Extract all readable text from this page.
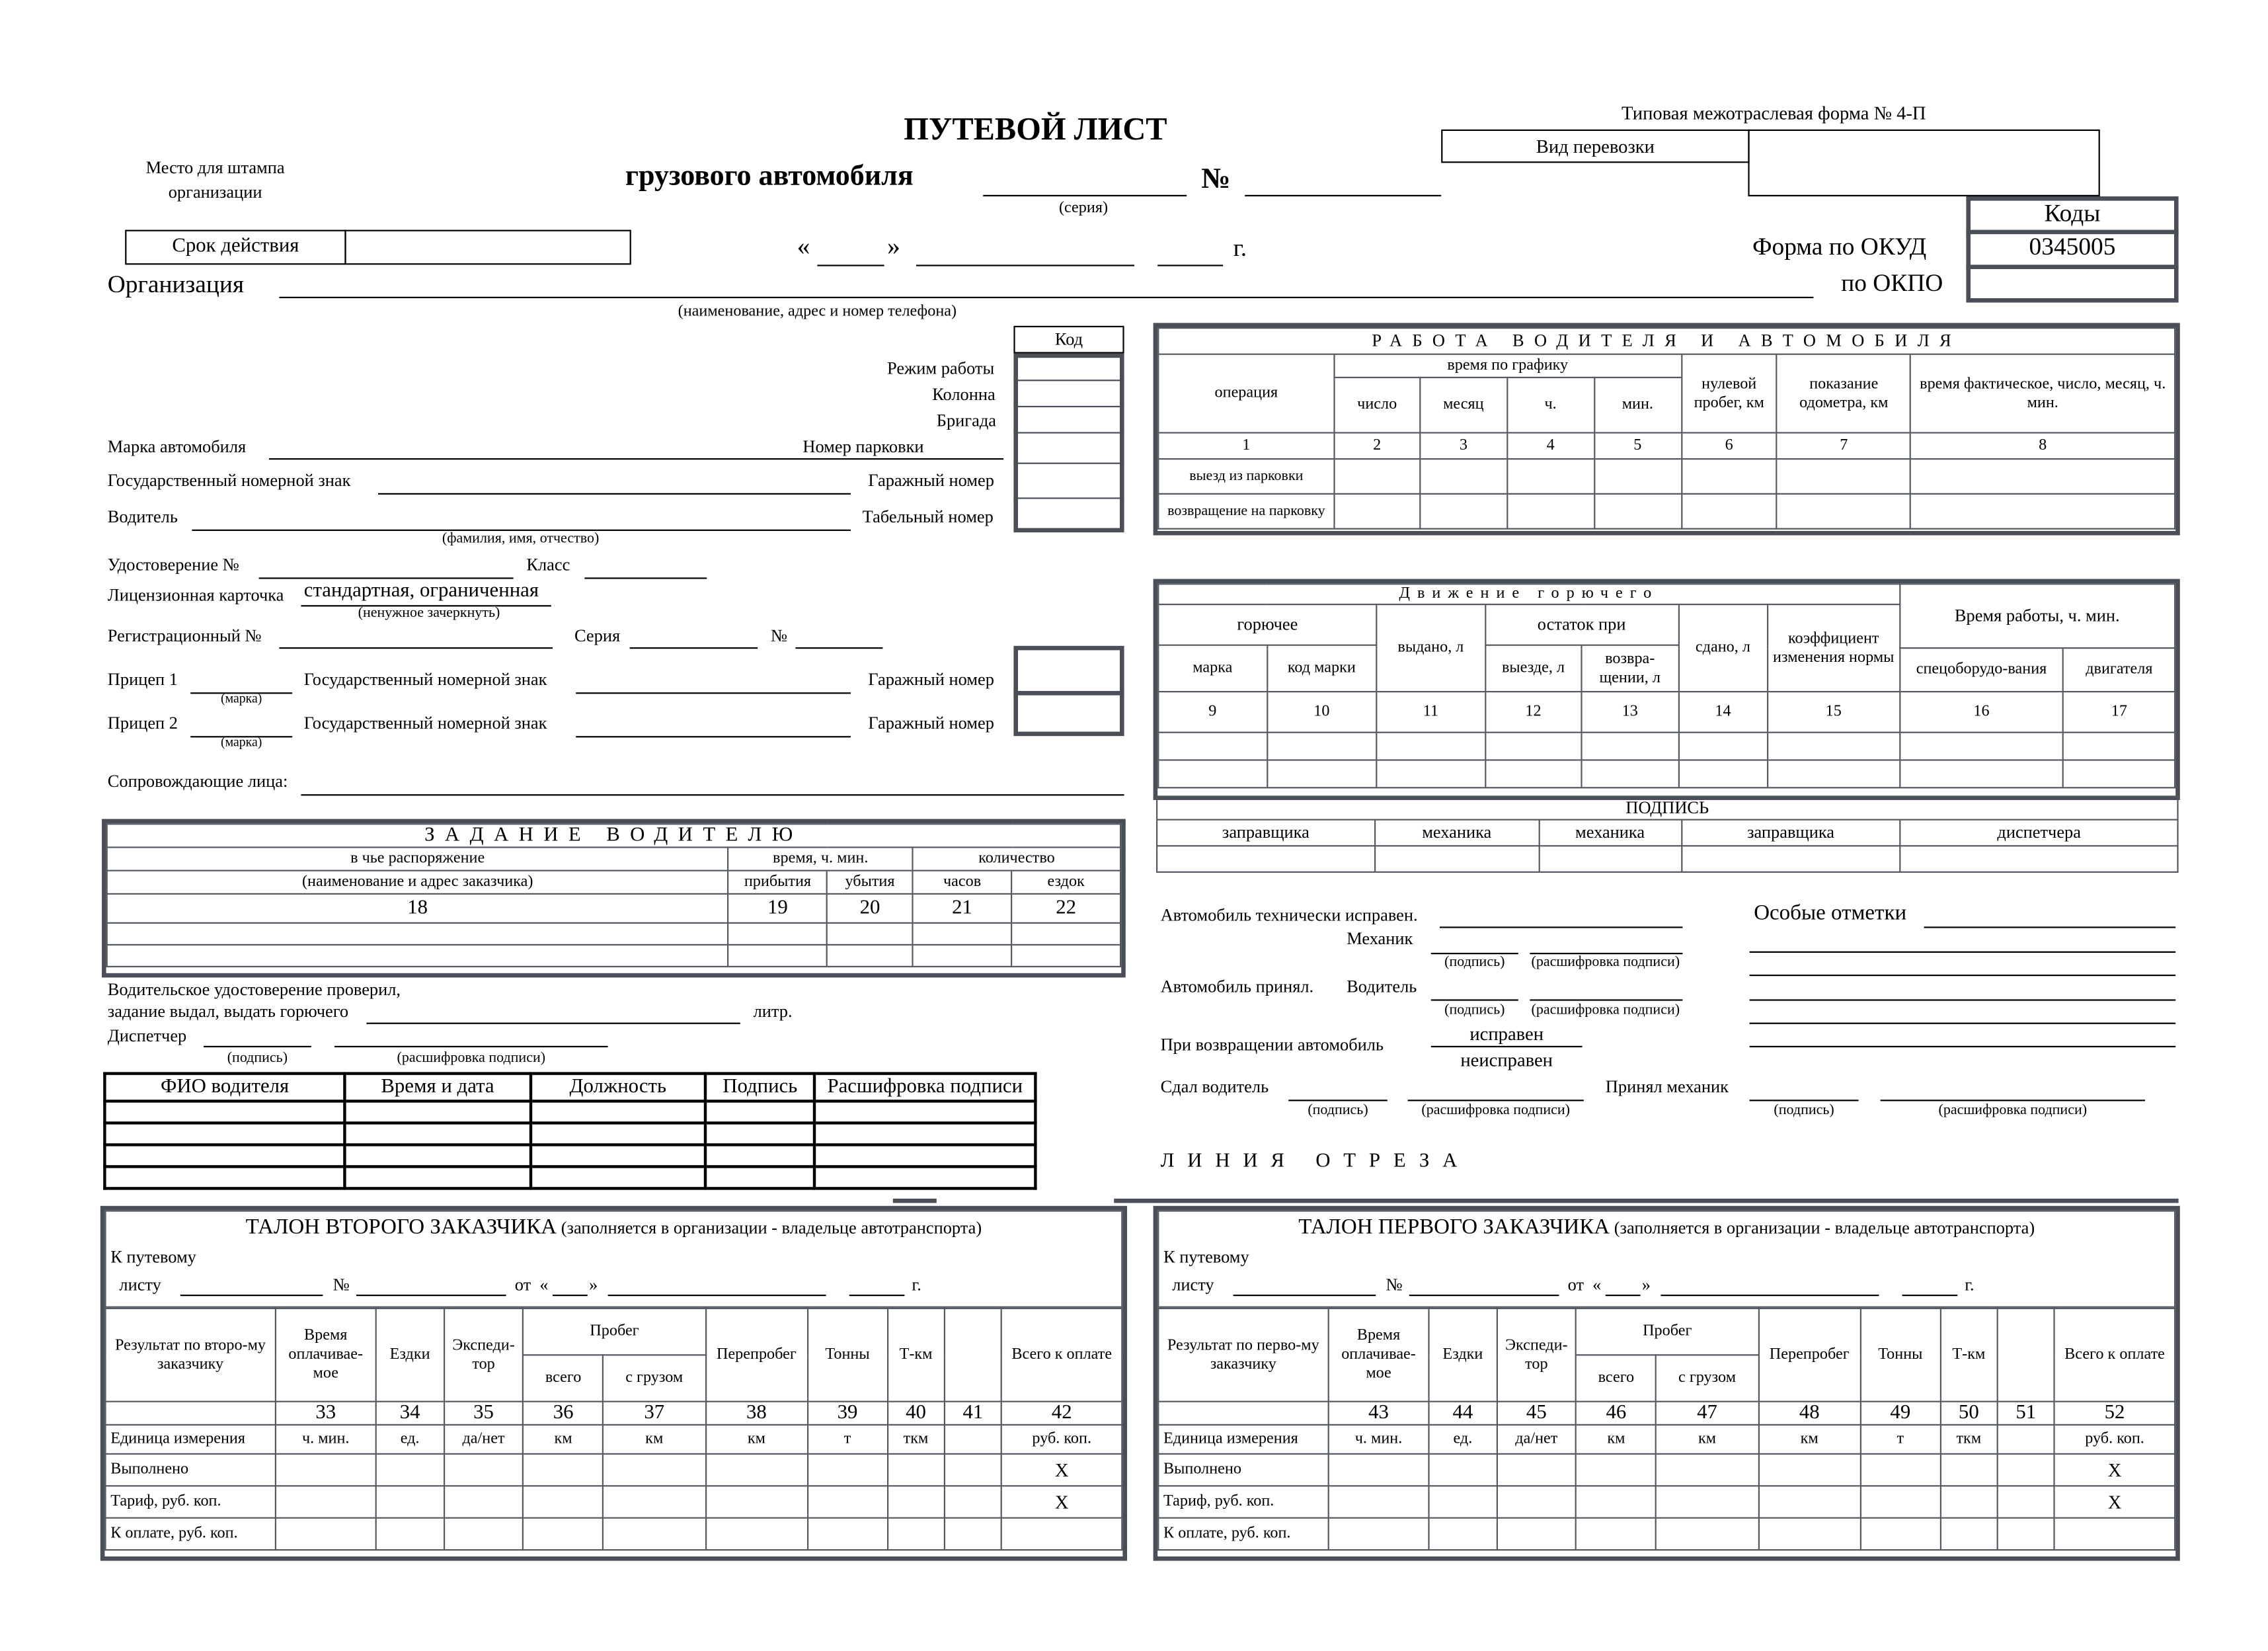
Типовая межотраслевая форма № 4-П
ПУТЕВОЙ ЛИСТ
Место для штампа организации
грузового автомобиля	№
(серия)
Вид перевозки
Коды
0345005
Форма по ОКУД
по ОКПО
Срок действия	«	»	г.
Организация
(наименование, адрес и номер телефона)
Код
Режим работы
Колонна
Бригада
Марка автомобиля	Номер парковки
Государственный номерной знак	Гаражный номер
Водитель	Табельный номер
(фамилия, имя, отчество)
Удостоверение №	Класс
Лицензионная карточка стандартная, ограниченная
(ненужное зачеркнуть)
Регистрационный №	Серия	№
Прицеп 1
(марка)
Государственный номерной знак	Гаражный номер
Прицеп 2
(марка)
Государственный номерной знак	Гаражный номер
Сопровождающие лица:
РАБОТА ВОДИТЕЛЯ И АВТОМОБИЛЯ							
операция	время по графику				нулевой пробег, км	показание одометра, км	время фактическое, число, месяц, ч. мин.
	число	месяц	ч.	мин.			
1	2	3	4	5	6	7	8
выезд из парковки							
возвращение на парковку							
Движение горючего							Время работы, ч. мин.	
горючее		выдано, л	остаток при		сдано, л	коэффициент изменения нормы		
марка	код марки		выезде, л	возвра-щении, л				
							спецоборудо-вания	двигателя
9	10	11	12	13	14	15	16	17

ПОДПИСЬ				
заправщика	механика	механика	заправщика	диспетчера

ЗАДАНИЕ ВОДИТЕЛЮ				
в чье распоряжение	время, ч. мин.		количество	
(наименование и адрес заказчика)	прибытия	убытия	часов	ездок
18	19	20	21	22

Водительское удостоверение проверил,
задание выдал, выдать горючего	литр.
Диспетчер
(подпись)	(расшифровка подписи)
ФИО водителя	Время и дата	Должность	Подпись	Расшифровка подписи

Автомобиль технически исправен.
Механик
(подпись)	(расшифровка подписи)
Автомобиль принял.	Водитель
(подпись)	(расшифровка подписи)
При возвращении автомобиль
исправен
неисправен
Сдал водитель
(подпись)	(расшифровка подписи)
Принял механик
(подпись)	(расшифровка подписи)
Особые отметки
ЛИНИЯ ОТРЕЗА
ТАЛОН ВТОРОГО ЗАКАЗЧИКА (заполняется в организации - владельце автотранспорта)
К путевому
листу	№	от «	»	г.
ТАЛОН ПЕРВОГО ЗАКАЗЧИКА (заполняется в организации - владельце автотранспорта)
К путевому
листу	№	от «	»	г.
Результат по второ-му заказчику	Время оплачивае-мое	Ездки	Экспеди-тор	Пробег		Перепробег	Тонны	Т-км		Всего к оплате
				всего	с грузом					
	33	34	35	36	37	38	39	40	41	42
Единица измерения	ч. мин.	ед.	да/нет	км	км	км	т	ткм		руб. коп.
Выполнено										X
Тариф, руб. коп.										X
К оплате, руб. коп.										
Результат по перво-му заказчику	Время оплачивае-мое	Ездки	Экспеди-тор	Пробег		Перепробег	Тонны	Т-км		Всего к оплате
				всего	с грузом					
	43	44	45	46	47	48	49	50	51	52
Единица измерения	ч. мин.	ед.	да/нет	км	км	км	т	ткм		руб. коп.
Выполнено										X
Тариф, руб. коп.										X
К оплате, руб. коп.										
